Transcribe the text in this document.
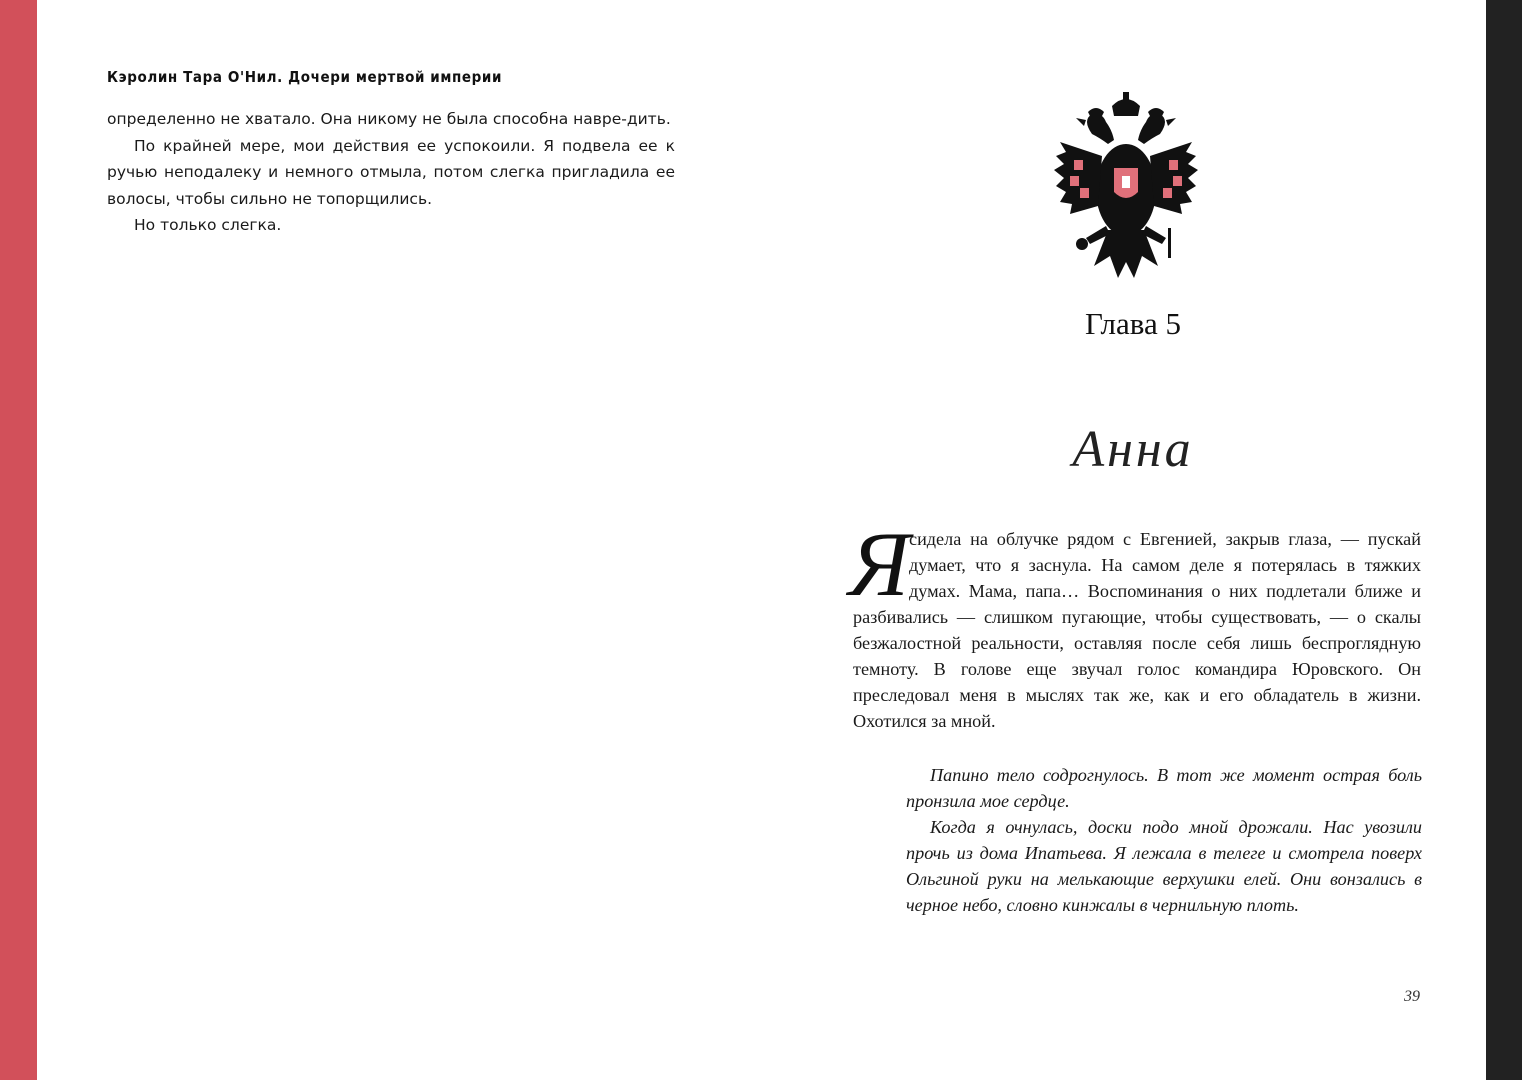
Кэролин Тара О'Нил. Дочери мертвой империи

определенно не хватало. Она никому не была способна навре-дить.

По крайней мере, мои действия ее успокоили. Я подвела ее к ручью неподалеку и немного отмыла, потом слегка пригладила ее волосы, чтобы сильно не топорщились.

Но только слегка.

Глава 5
Анна

Я сидела на облучке рядом с Евгенией, закрыв глаза, — пускай думает, что я заснула. На самом деле я потерялась в тяжких думах. Мама, папа… Воспоминания о них подлетали ближе и разбивались — слишком пугающие, чтобы существовать, — о скалы безжалостной реальности, оставляя после себя лишь беспроглядную темноту. В голове еще звучал голос командира Юровского. Он преследовал меня в мыслях так же, как и его обладатель в жизни. Охотился за мной.

Папино тело содрогнулось. В тот же момент острая боль пронзила мое сердце.

Когда я очнулась, доски подо мной дрожали. Нас увозили прочь из дома Ипатьева. Я лежала в телеге и смотрела поверх Ольгиной руки на мелькающие верхушки елей. Они вонзались в черное небо, словно кинжалы в чернильную плоть.

39
